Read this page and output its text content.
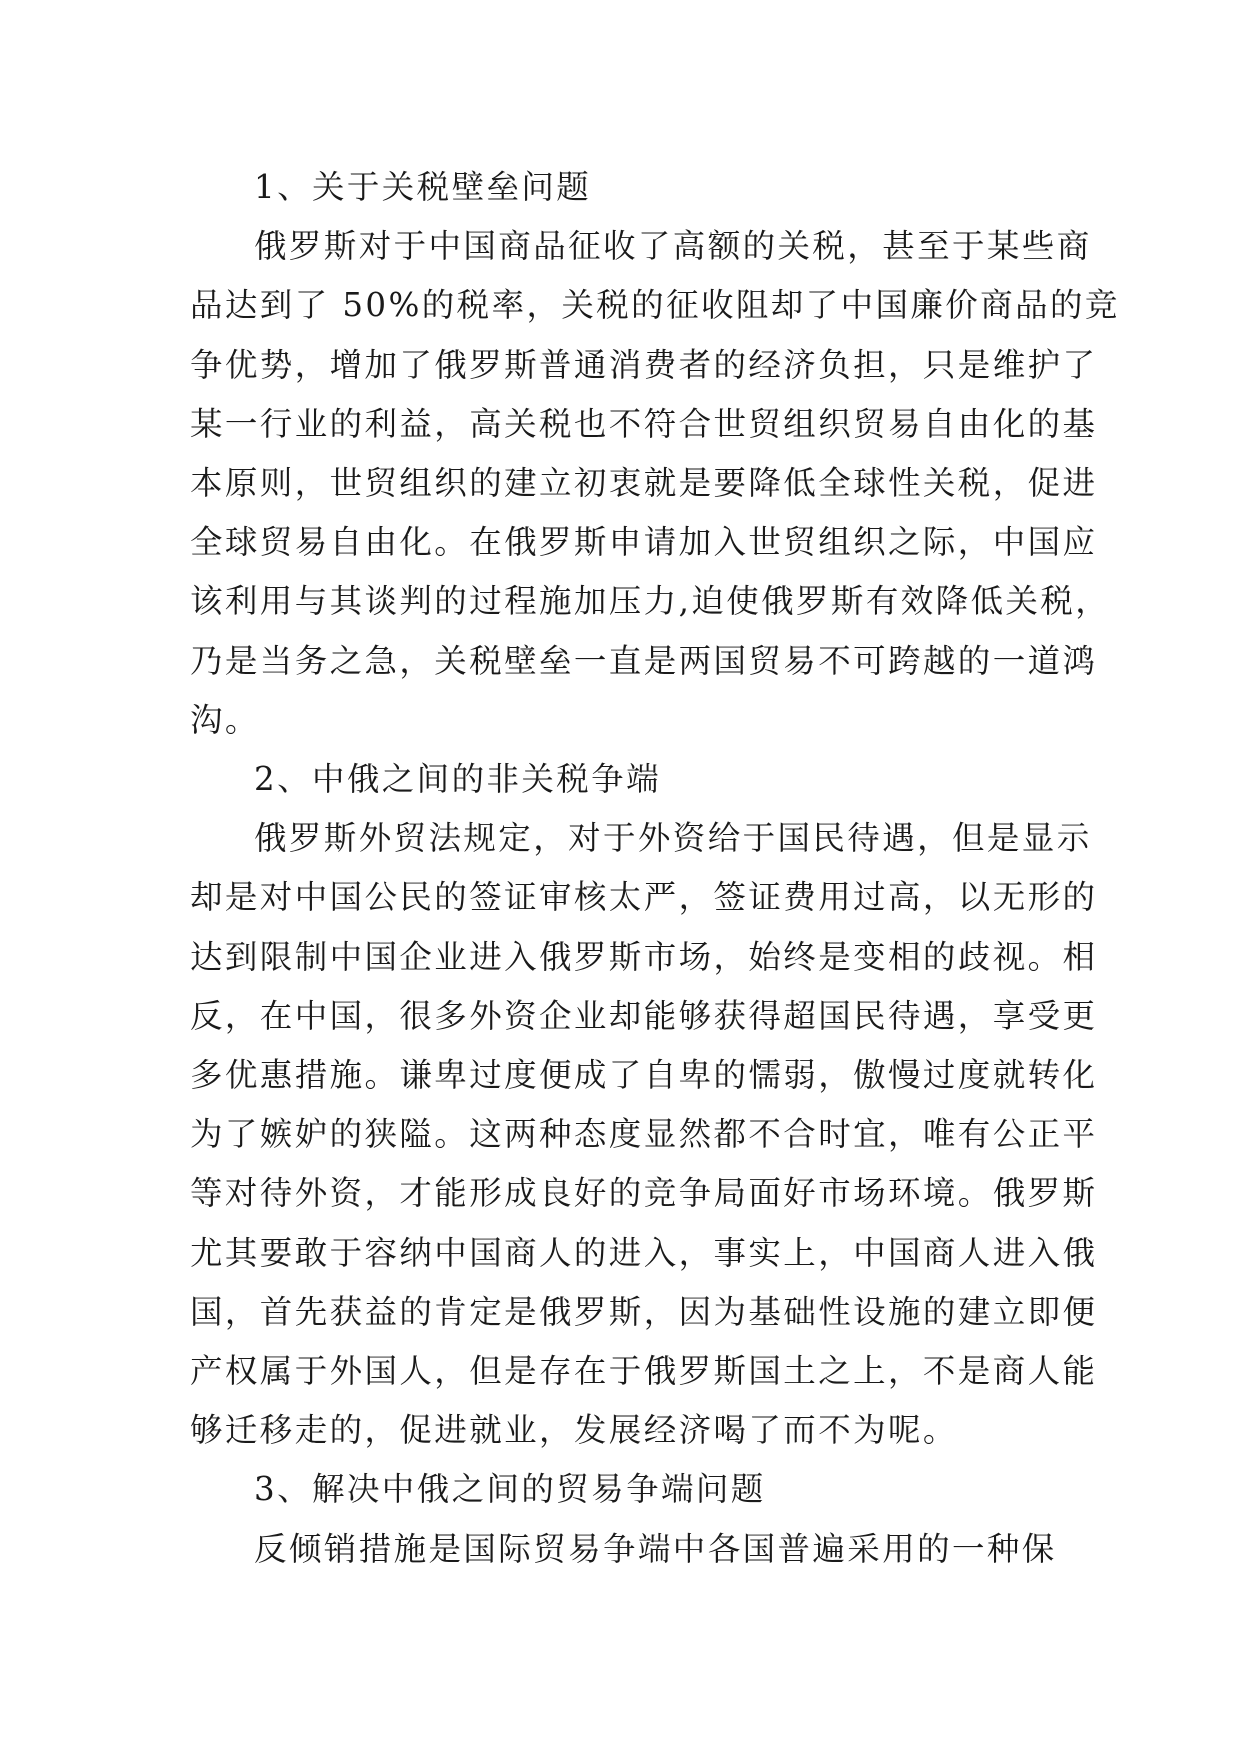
1、关于关税壁垒问题

俄罗斯对于中国商品征收了高额的关税，甚至于某些商
品达到了 50%的税率，关税的征收阻却了中国廉价商品的竞
争优势，增加了俄罗斯普通消费者的经济负担，只是维护了
某一行业的利益，高关税也不符合世贸组织贸易自由化的基
本原则，世贸组织的建立初衷就是要降低全球性关税，促进
全球贸易自由化。在俄罗斯申请加入世贸组织之际，中国应
该利用与其谈判的过程施加压力,迫使俄罗斯有效降低关税，
乃是当务之急，关税壁垒一直是两国贸易不可跨越的一道鸿
沟。

2、中俄之间的非关税争端

俄罗斯外贸法规定，对于外资给于国民待遇，但是显示
却是对中国公民的签证审核太严，签证费用过高，以无形的
达到限制中国企业进入俄罗斯市场，始终是变相的歧视。相
反，在中国，很多外资企业却能够获得超国民待遇，享受更
多优惠措施。谦卑过度便成了自卑的懦弱，傲慢过度就转化
为了嫉妒的狭隘。这两种态度显然都不合时宜，唯有公正平
等对待外资，才能形成良好的竞争局面好市场环境。俄罗斯
尤其要敢于容纳中国商人的进入，事实上，中国商人进入俄
国，首先获益的肯定是俄罗斯，因为基础性设施的建立即便
产权属于外国人，但是存在于俄罗斯国土之上，不是商人能
够迁移走的，促进就业，发展经济喝了而不为呢。

3、解决中俄之间的贸易争端问题

反倾销措施是国际贸易争端中各国普遍采用的一种保
